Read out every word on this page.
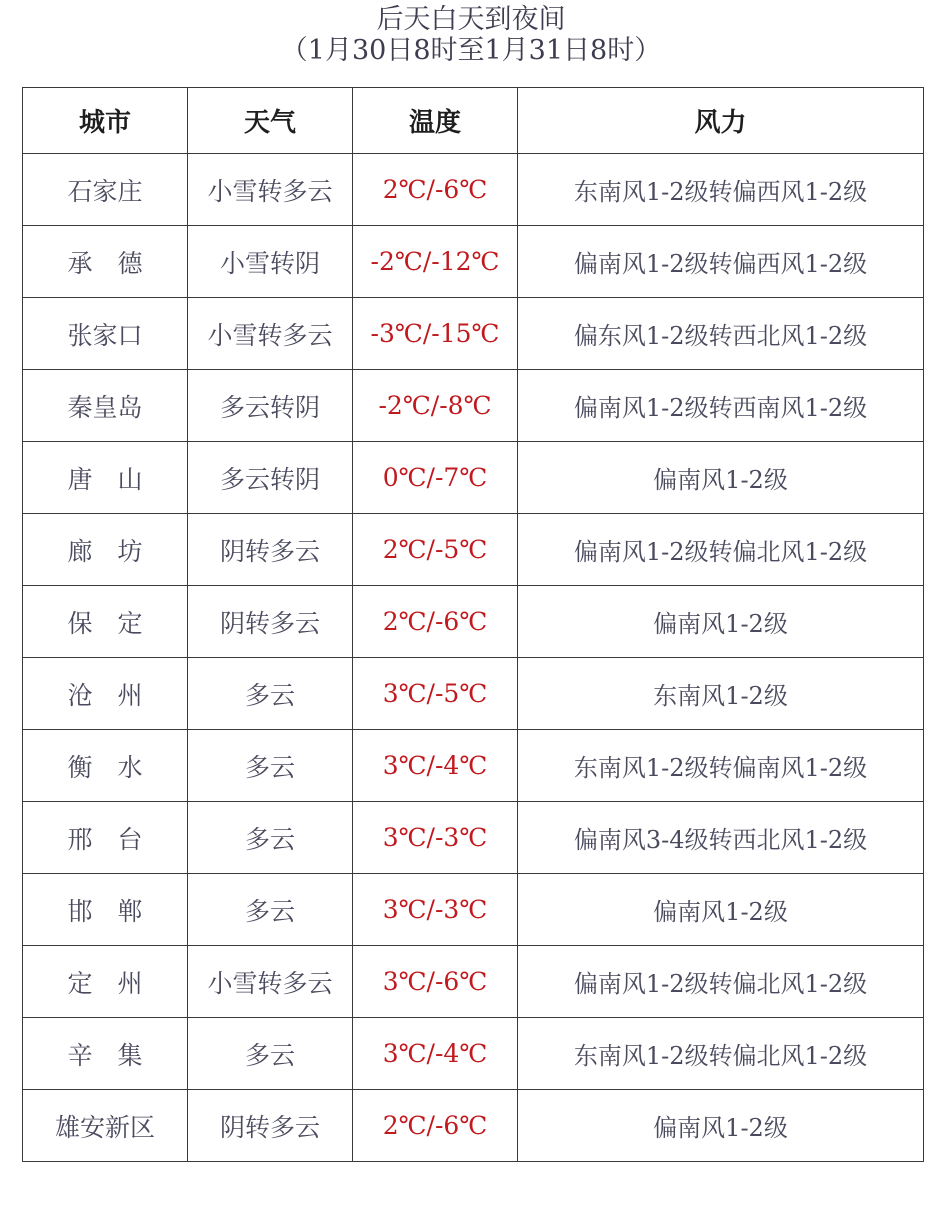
后天白天到夜间
（1月30日8时至1月31日8时）
城市	天气	温度	风力
石家庄	小雪转多云	2℃/-6℃	东南风1-2级转偏西风1-2级
承　德	小雪转阴	-2℃/-12℃	偏南风1-2级转偏西风1-2级
张家口	小雪转多云	-3℃/-15℃	偏东风1-2级转西北风1-2级
秦皇岛	多云转阴	-2℃/-8℃	偏南风1-2级转西南风1-2级
唐　山	多云转阴	0℃/-7℃	偏南风1-2级
廊　坊	阴转多云	2℃/-5℃	偏南风1-2级转偏北风1-2级
保　定	阴转多云	2℃/-6℃	偏南风1-2级
沧　州	多云	3℃/-5℃	东南风1-2级
衡　水	多云	3℃/-4℃	东南风1-2级转偏南风1-2级
邢　台	多云	3℃/-3℃	偏南风3-4级转西北风1-2级
邯　郸	多云	3℃/-3℃	偏南风1-2级
定　州	小雪转多云	3℃/-6℃	偏南风1-2级转偏北风1-2级
辛　集	多云	3℃/-4℃	东南风1-2级转偏北风1-2级
雄安新区	阴转多云	2℃/-6℃	偏南风1-2级
